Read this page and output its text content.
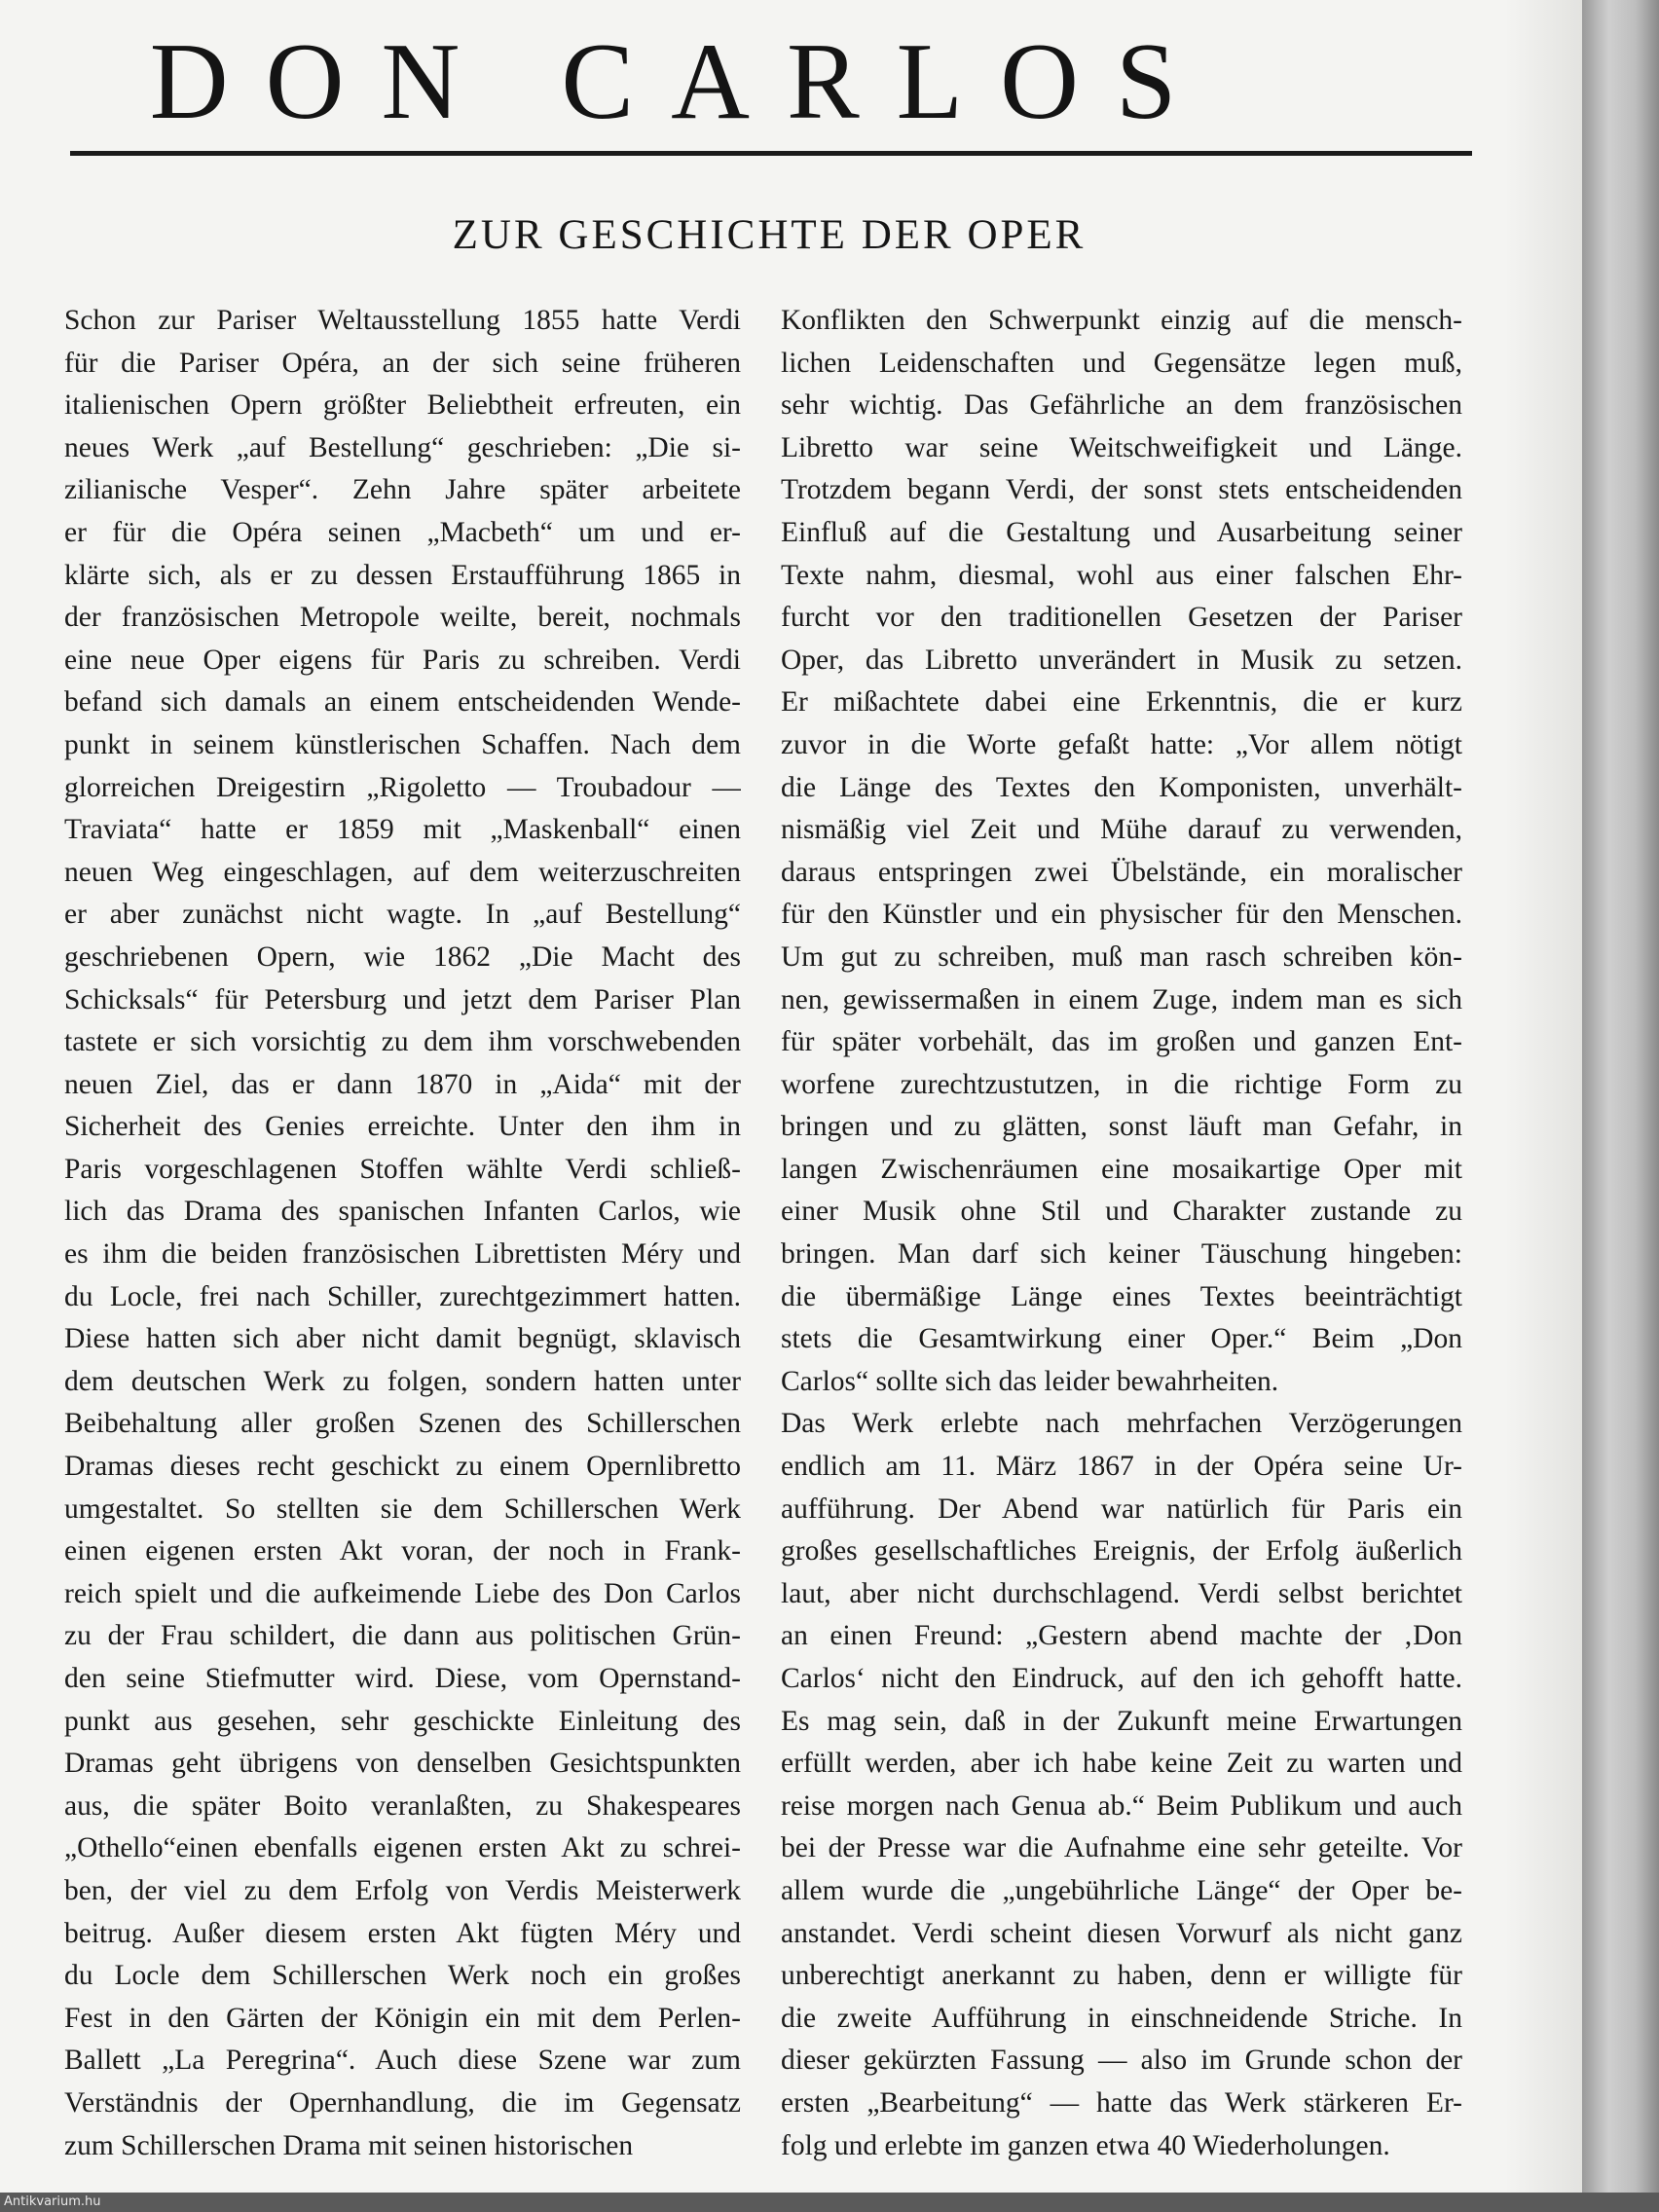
DON CARLOS
ZUR GESCHICHTE DER OPER
Schon zur Pariser Weltausstellung 1855 hatte Verdi
für die Pariser Opéra, an der sich seine früheren
italienischen Opern größter Beliebtheit erfreuten, ein
neues Werk „auf Bestellung“ geschrieben: „Die si-
zilianische Vesper“. Zehn Jahre später arbeitete
er für die Opéra seinen „Macbeth“ um und er-
klärte sich, als er zu dessen Erstaufführung 1865 in
der französischen Metropole weilte, bereit, nochmals
eine neue Oper eigens für Paris zu schreiben. Verdi
befand sich damals an einem entscheidenden Wende-
punkt in seinem künstlerischen Schaffen. Nach dem
glorreichen Dreigestirn „Rigoletto — Troubadour —
Traviata“ hatte er 1859 mit „Maskenball“ einen
neuen Weg eingeschlagen, auf dem weiterzuschreiten
er aber zunächst nicht wagte. In „auf Bestellung“
geschriebenen Opern, wie 1862 „Die Macht des
Schicksals“ für Petersburg und jetzt dem Pariser Plan
tastete er sich vorsichtig zu dem ihm vorschwebenden
neuen Ziel, das er dann 1870 in „Aida“ mit der
Sicherheit des Genies erreichte. Unter den ihm in
Paris vorgeschlagenen Stoffen wählte Verdi schließ-
lich das Drama des spanischen Infanten Carlos, wie
es ihm die beiden französischen Librettisten Méry und
du Locle, frei nach Schiller, zurechtgezimmert hatten.
Diese hatten sich aber nicht damit begnügt, sklavisch
dem deutschen Werk zu folgen, sondern hatten unter
Beibehaltung aller großen Szenen des Schillerschen
Dramas dieses recht geschickt zu einem Opernlibretto
umgestaltet. So stellten sie dem Schillerschen Werk
einen eigenen ersten Akt voran, der noch in Frank-
reich spielt und die aufkeimende Liebe des Don Carlos
zu der Frau schildert, die dann aus politischen Grün-
den seine Stiefmutter wird. Diese, vom Opernstand-
punkt aus gesehen, sehr geschickte Einleitung des
Dramas geht übrigens von denselben Gesichtspunkten
aus, die später Boito veranlaßten, zu Shakespeares
„Othello“einen ebenfalls eigenen ersten Akt zu schrei-
ben, der viel zu dem Erfolg von Verdis Meisterwerk
beitrug. Außer diesem ersten Akt fügten Méry und
du Locle dem Schillerschen Werk noch ein großes
Fest in den Gärten der Königin ein mit dem Perlen-
Ballett „La Peregrina“. Auch diese Szene war zum
Verständnis der Opernhandlung, die im Gegensatz
zum Schillerschen Drama mit seinen historischen
Konflikten den Schwerpunkt einzig auf die mensch-
lichen Leidenschaften und Gegensätze legen muß,
sehr wichtig. Das Gefährliche an dem französischen
Libretto war seine Weitschweifigkeit und Länge.
Trotzdem begann Verdi, der sonst stets entscheidenden
Einfluß auf die Gestaltung und Ausarbeitung seiner
Texte nahm, diesmal, wohl aus einer falschen Ehr-
furcht vor den traditionellen Gesetzen der Pariser
Oper, das Libretto unverändert in Musik zu setzen.
Er mißachtete dabei eine Erkenntnis, die er kurz
zuvor in die Worte gefaßt hatte: „Vor allem nötigt
die Länge des Textes den Komponisten, unverhält-
nismäßig viel Zeit und Mühe darauf zu verwenden,
daraus entspringen zwei Übelstände, ein moralischer
für den Künstler und ein physischer für den Menschen.
Um gut zu schreiben, muß man rasch schreiben kön-
nen, gewissermaßen in einem Zuge, indem man es sich
für später vorbehält, das im großen und ganzen Ent-
worfene zurechtzustutzen, in die richtige Form zu
bringen und zu glätten, sonst läuft man Gefahr, in
langen Zwischenräumen eine mosaikartige Oper mit
einer Musik ohne Stil und Charakter zustande zu
bringen. Man darf sich keiner Täuschung hingeben:
die übermäßige Länge eines Textes beeinträchtigt
stets die Gesamtwirkung einer Oper.“ Beim „Don
Carlos“ sollte sich das leider bewahrheiten.
Das Werk erlebte nach mehrfachen Verzögerungen
endlich am 11. März 1867 in der Opéra seine Ur-
aufführung. Der Abend war natürlich für Paris ein
großes gesellschaftliches Ereignis, der Erfolg äußerlich
laut, aber nicht durchschlagend. Verdi selbst berichtet
an einen Freund: „Gestern abend machte der ‚Don
Carlos‘ nicht den Eindruck, auf den ich gehofft hatte.
Es mag sein, daß in der Zukunft meine Erwartungen
erfüllt werden, aber ich habe keine Zeit zu warten und
reise morgen nach Genua ab.“ Beim Publikum und auch
bei der Presse war die Aufnahme eine sehr geteilte. Vor
allem wurde die „ungebührliche Länge“ der Oper be-
anstandet. Verdi scheint diesen Vorwurf als nicht ganz
unberechtigt anerkannt zu haben, denn er willigte für
die zweite Aufführung in einschneidende Striche. In
dieser gekürzten Fassung — also im Grunde schon der
ersten „Bearbeitung“ — hatte das Werk stärkeren Er-
folg und erlebte im ganzen etwa 40 Wiederholungen.
Antikvarium.hu
